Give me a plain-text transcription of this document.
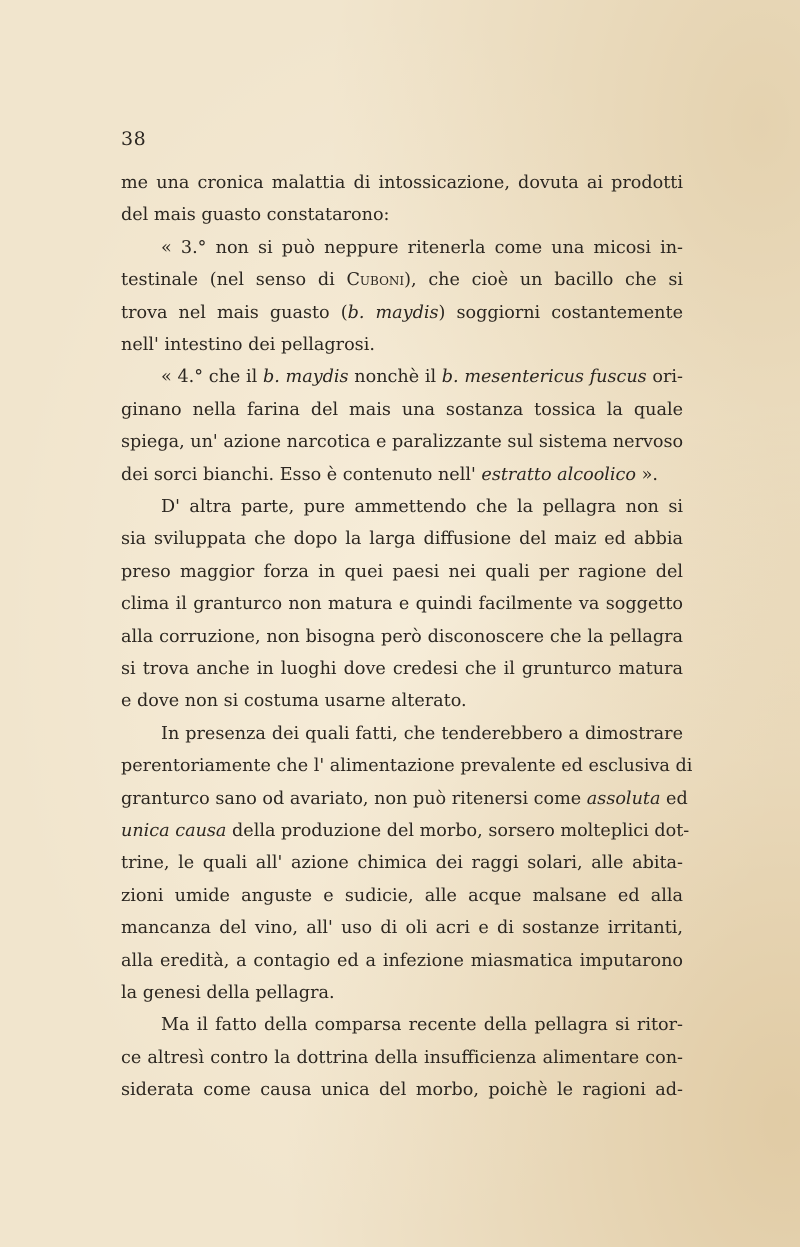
38
me una cronica malattia di intossicazione, dovuta ai prodotti
del mais guasto constatarono:
« 3.° non si può neppure ritenerla come una micosi in-
testinale (nel senso di Cuboni), che cioè un bacillo che si
trova nel mais guasto (b. maydis) soggiorni costantemente
nell' intestino dei pellagrosi.
« 4.° che il b. maydis nonchè il b. mesentericus fuscus ori-
ginano nella farina del mais una sostanza tossica la quale
spiega, un' azione narcotica e paralizzante sul sistema nervoso
dei sorci bianchi. Esso è contenuto nell' estratto alcoolico ».
D' altra parte, pure ammettendo che la pellagra non si
sia sviluppata che dopo la larga diffusione del maiz ed abbia
preso maggior forza in quei paesi nei quali per ragione del
clima il granturco non matura e quindi facilmente va soggetto
alla corruzione, non bisogna però disconoscere che la pellagra
si trova anche in luoghi dove credesi che il grunturco matura
e dove non si costuma usarne alterato.
In presenza dei quali fatti, che tenderebbero a dimostrare
perentoriamente che l' alimentazione prevalente ed esclusiva di
granturco sano od avariato, non può ritenersi come assoluta ed
unica causa della produzione del morbo, sorsero molteplici dot-
trine, le quali all' azione chimica dei raggi solari, alle abita-
zioni umide anguste e sudicie, alle acque malsane ed alla
mancanza del vino, all' uso di oli acri e di sostanze irritanti,
alla eredità, a contagio ed a infezione miasmatica imputarono
la genesi della pellagra.
Ma il fatto della comparsa recente della pellagra si ritor-
ce altresì contro la dottrina della insufficienza alimentare con-
siderata come causa unica del morbo, poichè le ragioni ad-
